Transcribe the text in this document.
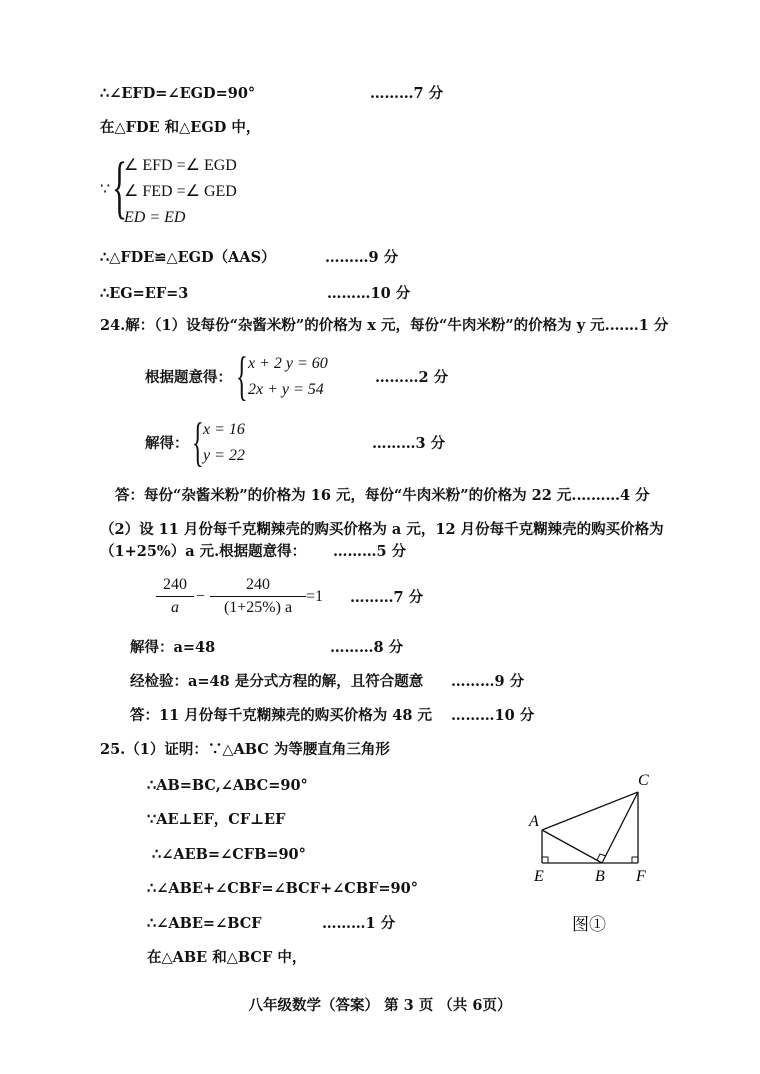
∴∠EFD=∠EGD=90°	………7 分
在△FDE 和△EGD 中，
∵ {
∠ EFD =∠ EGD
∠ FED =∠ GED
ED = ED
∴△FDE≌△EGD（AAS）	………9 分
∴EG=EF=3	………10 分
24.解：（1）设每份“杂酱米粉”的价格为 x 元，每份“牛肉米粉”的价格为 y 元.……1 分
根据题意得： { x + 2 y = 60
2x + y = 54
………2 分
解得： { x = 16
y = 22
………3 分
答：每份“杂酱米粉”的价格为 16 元，每份“牛肉米粉”的价格为 22 元.………4 分
（2）设 11 月份每千克糊辣壳的购买价格为 a 元，12 月份每千克糊辣壳的购买价格为
（1+25%）a 元.根据题意得： ………5 分
240
a
−
240
(1+25%) a
=1 ………7 分
解得：a=48	………8 分
经检验：a=48 是分式方程的解，且符合题意 ………9 分
答：11 月份每千克糊辣壳的购买价格为 48 元 ………10 分
25.（1）证明：∵△ABC 为等腰直角三角形
∴AB=BC,∠ABC=90°
∵AE⊥EF，CF⊥EF
∴∠AEB=∠CFB=90°
∴∠ABE+∠CBF=∠BCF+∠CBF=90°
∴∠ABE=∠BCF	………1 分
在△ABE 和△BCF 中，
A
C
E	B F
图①
八年级数学（答案） 第 3 页 （共 6页）
